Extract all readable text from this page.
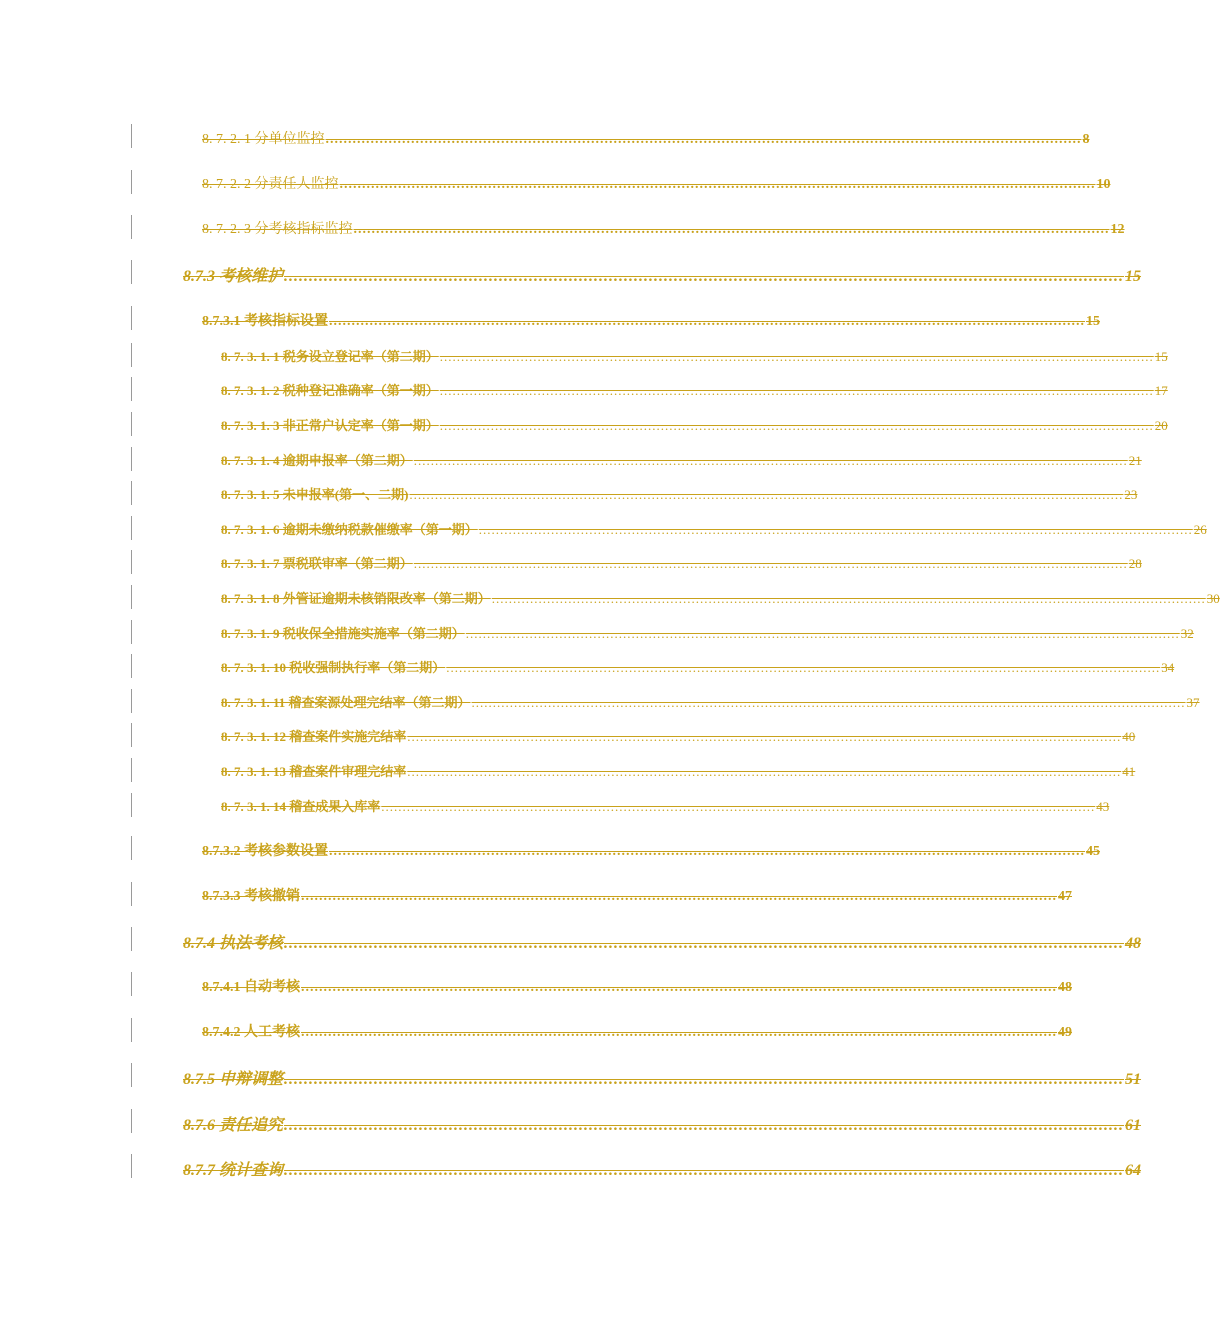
8. 7. 2. 1 分单位监控 ........................................................................................................................................................................ 8
8. 7. 2. 2 分责任人监控 ........................................................................................................................................................................ 10
8. 7. 2. 3 分考核指标监控 ........................................................................................................................................................................ 12
8.7.3 考核维护 ........................................................................................................................................................................ 15
8.7.3.1 考核指标设置 ........................................................................................................................................................................ 15
8. 7. 3. 1. 1 税务设立登记率（第二期） ........................................................................................................................................................................ 15
8. 7. 3. 1. 2 税种登记准确率（第一期） ........................................................................................................................................................................ 17
8. 7. 3. 1. 3 非正常户认定率（第一期） ........................................................................................................................................................................ 20
8. 7. 3. 1. 4 逾期申报率（第二期） ........................................................................................................................................................................ 21
8. 7. 3. 1. 5 未申报率(第一、二期) ........................................................................................................................................................................ 23
8. 7. 3. 1. 6 逾期未缴纳税款催缴率（第一期） ........................................................................................................................................................................ 26
8. 7. 3. 1. 7 票税联审率（第二期） ........................................................................................................................................................................ 28
8. 7. 3. 1. 8 外管证逾期未核销限改率（第二期） ........................................................................................................................................................................ 30
8. 7. 3. 1. 9 税收保全措施实施率（第二期） ........................................................................................................................................................................ 32
8. 7. 3. 1. 10 税收强制执行率（第二期） ........................................................................................................................................................................ 34
8. 7. 3. 1. 11 稽查案源处理完结率（第二期） ........................................................................................................................................................................ 37
8. 7. 3. 1. 12 稽查案件实施完结率 ........................................................................................................................................................................ 40
8. 7. 3. 1. 13 稽查案件审理完结率 ........................................................................................................................................................................ 41
8. 7. 3. 1. 14 稽查成果入库率 ........................................................................................................................................................................ 43
8.7.3.2 考核参数设置 ........................................................................................................................................................................ 45
8.7.3.3 考核撤销 ........................................................................................................................................................................ 47
8.7.4 执法考核 ........................................................................................................................................................................ 48
8.7.4.1 自动考核 ........................................................................................................................................................................ 48
8.7.4.2 人工考核 ........................................................................................................................................................................ 49
8.7.5 申辩调整 ........................................................................................................................................................................ 51
8.7.6 责任追究 ........................................................................................................................................................................ 61
8.7.7 统计查询 ........................................................................................................................................................................ 64
